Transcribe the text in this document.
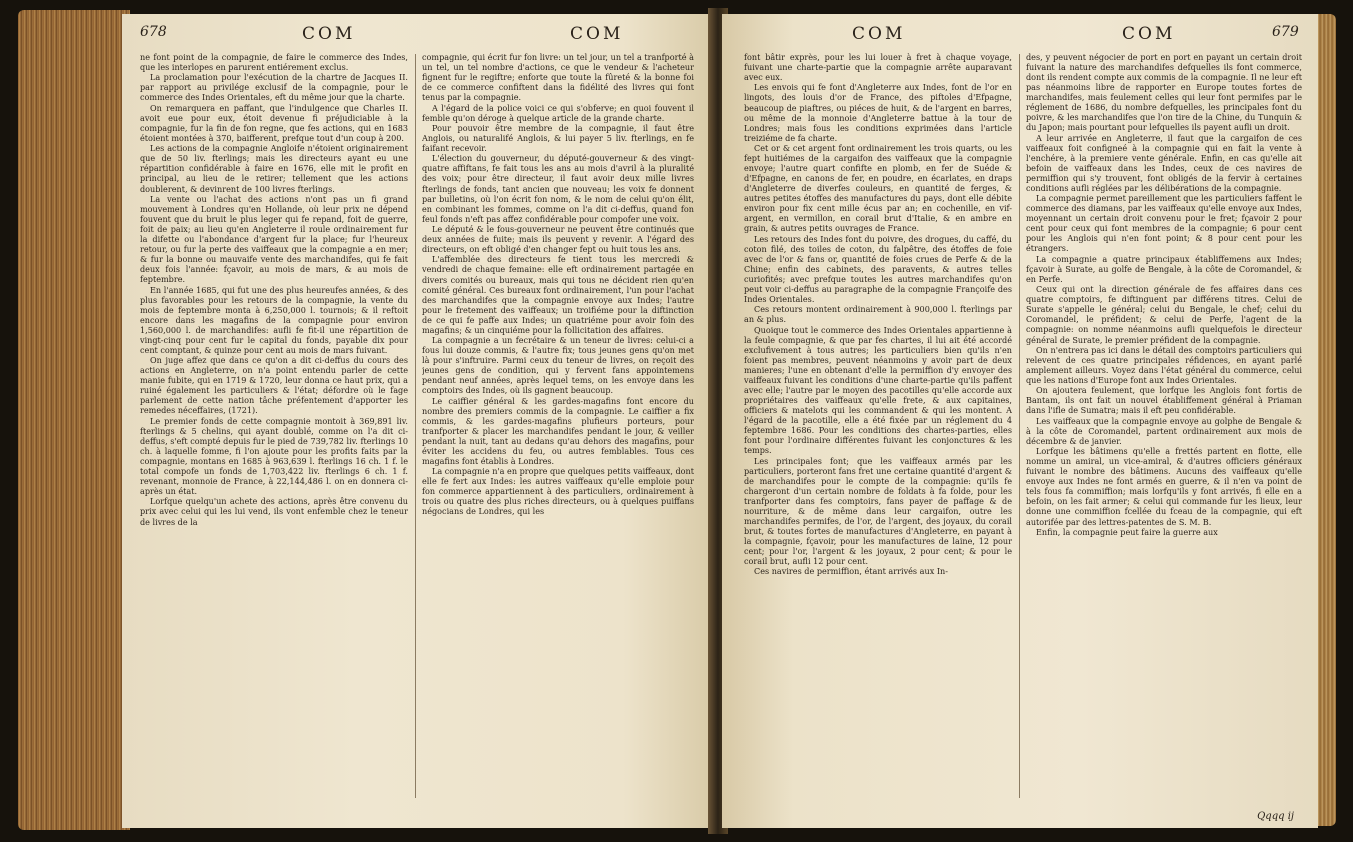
678	COM	COM

ne font point de la compagnie, de faire le commerce des Indes, que les interlopes en parurent entiérement exclus.

La proclamation pour l'exécution de la chartre de Jacques II. par rapport au privilége exclusif de la compagnie, pour le commerce des Indes Orientales, eft du même jour que la charte.

On remarquera en paffant, que l'indulgence que Charles II. avoit eue pour eux, étoit devenue fi préjudiciable à la compagnie, fur la fin de fon regne, que fes actions, qui en 1683 étoient montées à 370, baifferent, prefque tout d'un coup à 200.

Les actions de la compagnie Angloife n'étoient originairement que de 50 liv. fterlings; mais les directeurs ayant eu une répartition confidérable à faire en 1676, elle mit le profit en principal, au lieu de le retirer; tellement que les actions doublerent, & devinrent de 100 livres fterlings.

La vente ou l'achat des actions n'ont pas un fi grand mouvement à Londres qu'en Hollande, où leur prix ne dépend fouvent que du bruit le plus leger qui fe repand, foit de guerre, foit de paix; au lieu qu'en Angleterre il roule ordinairement fur la difette ou l'abondance d'argent fur la place; fur l'heureux retour, ou fur la perte des vaiffeaux que la compagnie a en mer; & fur la bonne ou mauvaife vente des marchandifes, qui fe fait deux fois l'année: fçavoir, au mois de mars, & au mois de feptembre.

En l'année 1685, qui fut une des plus heureufes années, & des plus favorables pour les retours de la compagnie, la vente du mois de feptembre monta à 6,250,000 l. tournois; & il reftoit encore dans les magafins de la compagnie pour environ 1,560,000 l. de marchandifes: aufli fe fit-il une répartition de vingt-cinq pour cent fur le capital du fonds, payable dix pour cent comptant, & quinze pour cent au mois de mars fuivant.

On juge affez que dans ce qu'on a dit ci-deffus du cours des actions en Angleterre, on n'a point entendu parler de cette manie fubite, qui en 1719 & 1720, leur donna ce haut prix, qui a ruiné également les particuliers & l'état; défordre où le fage parlement de cette nation tâche préfentement d'apporter les remedes néceffaires, (1721).

Le premier fonds de cette compagnie montoit à 369,891 liv. fterlings & 5 chelins, qui ayant doublé, comme on l'a dit ci-deffus, s'eft compté depuis fur le pied de 739,782 liv. fterlings 10 ch. à laquelle fomme, fi l'on ajoute pour les profits faits par la compagnie, montans en 1685 à 963,639 l. fterlings 16 ch. 1 f. le total compofe un fonds de 1,703,422 liv. fterlings 6 ch. 1 f. revenant, monnoie de France, à 22,144,486 l. on en donnera ci-après un état.

Lorfque quelqu'un achete des actions, après être convenu du prix avec celui qui les lui vend, ils vont enfemble chez le teneur de livres de la

compagnie, qui écrit fur fon livre: un tel jour, un tel a tranfporté à un tel, un tel nombre d'actions, ce que le vendeur & l'acheteur fignent fur le regiftre; enforte que toute la fûreté & la bonne foi de ce commerce confiftent dans la fidélité des livres qui font tenus par la compagnie.

A l'égard de la police voici ce qui s'obferve; en quoi fouvent il femble qu'on déroge à quelque article de la grande charte.

Pour pouvoir être membre de la compagnie, il faut être Anglois, ou naturalifé Anglois, & lui payer 5 liv. fterlings, en fe faifant recevoir.

L'élection du gouverneur, du député-gouverneur & des vingt-quatre affiftans, fe fait tous les ans au mois d'avril à la pluralité des voix; pour être directeur, il faut avoir deux mille livres fterlings de fonds, tant ancien que nouveau; les voix fe donnent par bulletins, où l'on écrit fon nom, & le nom de celui qu'on élit, en combinant les fommes, comme on l'a dit ci-deffus, quand fon feul fonds n'eft pas affez confidérable pour compofer une voix.

Le député & le fous-gouverneur ne peuvent être continués que deux années de fuite; mais ils peuvent y revenir. A l'égard des directeurs, on eft obligé d'en changer fept ou huit tous les ans.

L'affemblée des directeurs fe tient tous les mercredi & vendredi de chaque femaine: elle eft ordinairement partagée en divers comités ou bureaux, mais qui tous ne décident rien qu'en comité général. Ces bureaux font ordinairement, l'un pour l'achat des marchandifes que la compagnie envoye aux Indes; l'autre pour le fretement des vaiffeaux; un troifiéme pour la diftinction de ce qui fe paffe aux Indes; un quatriéme pour avoir foin des magafins; & un cinquiéme pour la follicitation des affaires.

La compagnie a un fecrétaire & un teneur de livres: celui-ci a fous lui douze commis, & l'autre fix; tous jeunes gens qu'on met là pour s'inftruire. Parmi ceux du teneur de livres, on reçoit des jeunes gens de condition, qui y fervent fans appointemens pendant neuf années, après lequel tems, on les envoye dans les comptoirs des Indes, où ils gagnent beaucoup.

Le caiffier général & les gardes-magafins font encore du nombre des premiers commis de la compagnie. Le caiffier a fix commis, & les gardes-magafins plufieurs porteurs, pour tranfporter & placer les marchandifes pendant le jour, & veiller pendant la nuit, tant au dedans qu'au dehors des magafins, pour éviter les accidens du feu, ou autres femblables. Tous ces magafins font établis à Londres.

La compagnie n'a en propre que quelques petits vaiffeaux, dont elle fe fert aux Indes: les autres vaiffeaux qu'elle emploie pour fon commerce appartiennent à des particuliers, ordinairement à trois ou quatre des plus riches directeurs, ou à quelques puiffans négocians de Londres, qui les

COM	COM	679

font bâtir exprès, pour les lui louer à fret à chaque voyage, fuivant une charte-partie que la compagnie arrête auparavant avec eux.

Les envois qui fe font d'Angleterre aux Indes, font de l'or en lingots, des louis d'or de France, des piftoles d'Efpagne, beaucoup de piaftres, ou piéces de huit, & de l'argent en barres, ou même de la monnoie d'Angleterre battue à la tour de Londres; mais fous les conditions exprimées dans l'article treiziéme de fa charte.

Cet or & cet argent font ordinairement les trois quarts, ou les fept huitiémes de la cargaifon des vaiffeaux que la compagnie envoye; l'autre quart confifte en plomb, en fer de Suéde & d'Efpagne, en canons de fer, en poudre, en écarlates, en draps d'Angleterre de diverfes couleurs, en quantité de ferges, & autres petites étoffes des manufactures du pays, dont elle débite environ pour fix cent mille écus par an; en cochenille, en vif-argent, en vermillon, en corail brut d'Italie, & en ambre en grain, & autres petits ouvrages de France.

Les retours des Indes font du poivre, des drogues, du caffé, du coton filé, des toiles de coton, du falpêtre, des étoffes de foie avec de l'or & fans or, quantité de foies crues de Perfe & de la Chine; enfin des cabinets, des paravents, & autres telles curiofités; avec prefque toutes les autres marchandifes qu'on peut voir ci-deffus au paragraphe de la compagnie Françoife des Indes Orientales.

Ces retours montent ordinairement à 900,000 l. fterlings par an & plus.

Quoique tout le commerce des Indes Orientales appartienne à la feule compagnie, & que par fes chartes, il lui ait été accordé exclufivement à tous autres; les particuliers bien qu'ils n'en foient pas membres, peuvent néanmoins y avoir part de deux manieres; l'une en obtenant d'elle la permiffion d'y envoyer des vaiffeaux fuivant les conditions d'une charte-partie qu'ils paffent avec elle; l'autre par le moyen des pacotilles qu'elle accorde aux propriétaires des vaiffeaux qu'elle frete, & aux capitaines, officiers & matelots qui les commandent & qui les montent. A l'égard de la pacotille, elle a été fixée par un réglement du 4 feptembre 1686. Pour les conditions des chartes-parties, elles font pour l'ordinaire différentes fuivant les conjonctures & les temps.

Les principales font; que les vaiffeaux armés par les particuliers, porteront fans fret une certaine quantité d'argent & de marchandifes pour le compte de la compagnie: qu'ils fe chargeront d'un certain nombre de foldats à fa folde, pour les tranfporter dans fes comptoirs, fans payer de paffage & de nourriture, & de même dans leur cargaifon, outre les marchandifes permifes, de l'or, de l'argent, des joyaux, du corail brut, & toutes fortes de manufactures d'Angleterre, en payant à la compagnie, fçavoir, pour les manufactures de laine, 12 pour cent; pour l'or, l'argent & les joyaux, 2 pour cent; & pour le corail brut, aufli 12 pour cent.

Ces navires de permiffion, étant arrivés aux In-

des, y peuvent négocier de port en port en payant un certain droit fuivant la nature des marchandifes defquelles ils font commerce, dont ils rendent compte aux commis de la compagnie. Il ne leur eft pas néanmoins libre de rapporter en Europe toutes fortes de marchandifes, mais feulement celles qui leur font permifes par le réglement de 1686, du nombre defquelles, les principales font du poivre, & les marchandifes que l'on tire de la Chine, du Tunquin & du Japon; mais pourtant pour lefquelles ils payent aufli un droit.

A leur arrivée en Angleterre, il faut que la cargaifon de ces vaiffeaux foit configneé à la compagnie qui en fait la vente à l'enchére, à la premiere vente générale. Enfin, en cas qu'elle ait befoin de vaiffeaux dans les Indes, ceux de ces navires de permiffion qui s'y trouvent, font obligés de la fervir à certaines conditions aufli réglées par les délibérations de la compagnie.

La compagnie permet pareillement que les particuliers faffent le commerce des diamans, par les vaiffeaux qu'elle envoye aux Indes, moyennant un certain droit convenu pour le fret; fçavoir 2 pour cent pour ceux qui font membres de la compagnie; 6 pour cent pour les Anglois qui n'en font point; & 8 pour cent pour les étrangers.

La compagnie a quatre principaux établiffemens aux Indes; fçavoir à Surate, au golfe de Bengale, à la côte de Coromandel, & en Perfe.

Ceux qui ont la direction générale de fes affaires dans ces quatre comptoirs, fe diftinguent par différens titres. Celui de Surate s'appelle le général; celui du Bengale, le chef; celui du Coromandel, le préfident; & celui de Perfe, l'agent de la compagnie: on nomme néanmoins aufli quelquefois le directeur général de Surate, le premier préfident de la compagnie.

On n'entrera pas ici dans le détail des comptoirs particuliers qui relevent de ces quatre principales réfidences, en ayant parlé amplement ailleurs. Voyez dans l'état général du commerce, celui que les nations d'Europe font aux Indes Orientales.

On ajoutera feulement, que lorfque les Anglois font fortis de Bantam, ils ont fait un nouvel établiffement général à Priaman dans l'ifle de Sumatra; mais il eft peu confidérable.

Les vaiffeaux que la compagnie envoye au golphe de Bengale & à la côte de Coromandel, partent ordinairement aux mois de décembre & de janvier.

Lorfque les bâtimens qu'elle a frettés partent en flotte, elle nomme un amiral, un vice-amiral, & d'autres officiers généraux fuivant le nombre des bâtimens. Aucuns des vaiffeaux qu'elle envoye aux Indes ne font armés en guerre, & il n'en va point de tels fous fa commiffion; mais lorfqu'ils y font arrivés, fi elle en a befoin, on les fait armer; & celui qui commande fur les lieux, leur donne une commiffion fcellée du fceau de la compagnie, qui eft autorifée par des lettres-patentes de S. M. B.

Enfin, la compagnie peut faire la guerre aux

Qqqq ij
